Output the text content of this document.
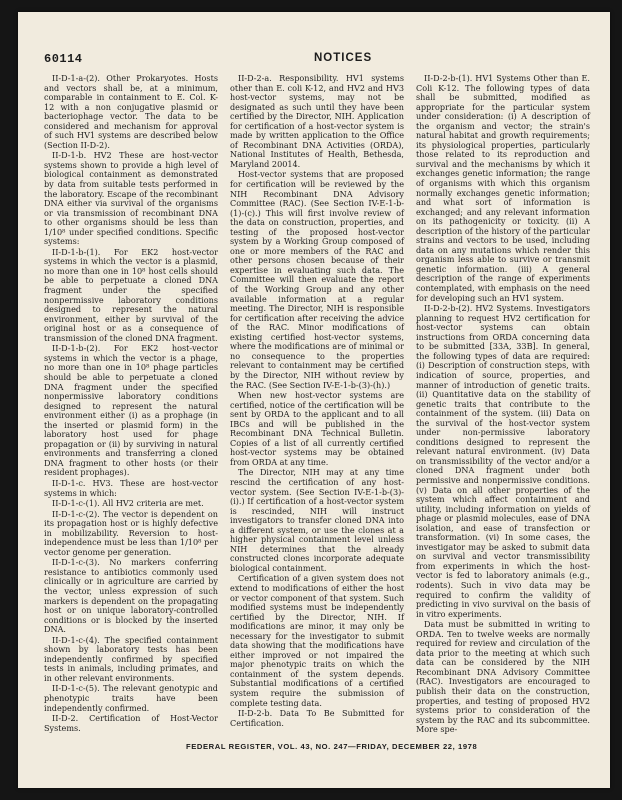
60114	NOTICES

II-D-1-a-(2). Other Prokaryotes. Hosts and vectors shall be, at a minimum, comparable in containment to E. Col. K-12 with a non conjugative plasmid or bacteriophage vector. The data to be considered and mechanism for approval of such HV1 systems are described below (Section II-D-2).

II-D-1-b. HV2 These are host-vector systems shown to provide a high level of biological containment as demonstrated by data from suitable tests performed in the laboratory. Escape of the recombinant DNA either via survival of the organisms or via transmission of recombinant DNA to other organisms should be less than 1/10⁸ under specified conditions. Specific systems:

II-D-1-b-(1). For EK2 host-vector systems in which the vector is a plasmid, no more than one in 10⁸ host cells should be able to perpetuate a cloned DNA fragment under the specified nonpermissive laboratory conditions designed to represent the natural environment, either by survival of the original host or as a consequence of transmission of the cloned DNA fragment.

II-D-1-b-(2). For EK2 host-vector systems in which the vector is a phage, no more than one in 10⁸ phage particles should be able to perpetuate a cloned DNA fragment under the specified nonpermissive laboratory conditions designed to represent the natural environment either (i) as a prophage (in the inserted or plasmid form) in the laboratory host used for phage propagation or (ii) by surviving in natural environments and transferring a cloned DNA fragment to other hosts (or their resident prophages).

II-D-1-c. HV3. These are host-vector systems in which:

II-D-1-c-(1). All HV2 criteria are met.

II-D-1-c-(2). The vector is dependent on its propagation host or is highly defective in mobilizability. Reversion to host-independence must be less than 1/10⁸ per vector genome per generation.

II-D-1-c-(3). No markers conferring resistance to antibiotics commonly used clinically or in agriculture are carried by the vector, unless expression of such markers is dependent on the propagating host or on unique laboratory-controlled conditions or is blocked by the inserted DNA.

II-D-1-c-(4). The specified containment shown by laboratory tests has been independently confirmed by specified tests in animals, including primates, and in other relevant environments.

II-D-1-c-(5). The relevant genotypic and phenotypic traits have been independently confirmed.

II-D-2. Certification of Host-Vector Systems.

II-D-2-a. Responsibility. HV1 systems other than E. coli K-12, and HV2 and HV3 host-vector systems, may not be designated as such until they have been certified by the Director, NIH. Application for certification of a host-vector system is made by written application to the Office of Recombinant DNA Activities (ORDA), National Institutes of Health, Bethesda, Maryland 20014.

Host-vector systems that are proposed for certification will be reviewed by the NIH Recombinant DNA Advisory Committee (RAC). (See Section IV-E-1-b-(1)-(c).) This will first involve review of the data on construction, properties, and testing of the proposed host-vector system by a Working Group composed of one or more members of the RAC and other persons chosen because of their expertise in evaluating such data. The Committee will then evaluate the report of the Working Group and any other available information at a regular meeting. The Director, NIH is responsible for certification after receiving the advice of the RAC. Minor modifications of existing certified host-vector systems, where the modifications are of minimal or no consequence to the properties relevant to containment may be certified by the Director, NIH without review by the RAC. (See Section IV-E-1-b-(3)-(h).)

When new host-vector systems are certified, notice of the certification will be sent by ORDA to the applicant and to all IBCs and will be published in the Recombinant DNA Technical Bulletin. Copies of a list of all currently certified host-vector systems may be obtained from ORDA at any time.

The Director, NIH may at any time rescind the certification of any host-vector system. (See Section IV-E-1-b-(3)-(i).) If certification of a host-vector system is rescinded, NIH will instruct investigators to transfer cloned DNA into a different system, or use the clones at a higher physical containment level unless NIH determines that the already constructed clones incorporate adequate biological containment.

Certification of a given system does not extend to modifications of either the host or vector component of that system. Such modified systems must be independently certified by the Director, NIH. If modifications are minor, it may only be necessary for the investigator to submit data showing that the modifications have either improved or not impaired the major phenotypic traits on which the containment of the system depends. Substantial modifications of a certified system require the submission of complete testing data.

II-D-2-b. Data To Be Submitted for Certification.

II-D-2-b-(1). HV1 Systems Other than E. Coli K-12. The following types of data shall be submitted, modified as appropriate for the particular system under consideration: (i) A description of the organism and vector; the strain's natural habitat and growth requirements; its physiological properties, particularly those related to its reproduction and survival and the mechanisms by which it exchanges genetic information; the range of organisms with which this organism normally exchanges genetic information; and what sort of information is exchanged; and any relevant information on its pathogenicity or toxicity. (ii) A description of the history of the particular strains and vectors to be used, including data on any mutations which render this organism less able to survive or transmit genetic information. (iii) A general description of the range of experiments contemplated, with emphasis on the need for developing such an HV1 system.

II-D-2-b-(2). HV2 Systems. Investigators planning to request HV2 certification for host-vector systems can obtain instructions from ORDA concerning data to be submitted [33A, 33B]. In general, the following types of data are required: (i) Description of construction steps, with indication of source, properties, and manner of introduction of genetic traits. (ii) Quantitative data on the stability of genetic traits that contribute to the containment of the system. (iii) Data on the survival of the host-vector system under non-permissive laboratory conditions designed to represent the relevant natural environment. (iv) Data on transmissibility of the vector and/or a cloned DNA fragment under both permissive and nonpermissive conditions. (v) Data on all other properties of the system which affect containment and utility, including information on yields of phage or plasmid molecules, ease of DNA isolation, and ease of transfection or transformation. (vi) In some cases, the investigator may be asked to submit data on survival and vector transmissibility from experiments in which the host-vector is fed to laboratory animals (e.g., rodents). Such in vivo data may be required to confirm the validity of predicting in vivo survival on the basis of in vitro experiments.

Data must be submitted in writing to ORDA. Ten to twelve weeks are normally required for review and circulation of the data prior to the meeting at which such data can be considered by the NIH Recombinant DNA Advisory Committee (RAC). Investigators are encouraged to publish their data on the construction, properties, and testing of proposed HV2 systems prior to consideration of the system by the RAC and its subcommittee. More spe-

FEDERAL REGISTER, VOL. 43, NO. 247—FRIDAY, DECEMBER 22, 1978
